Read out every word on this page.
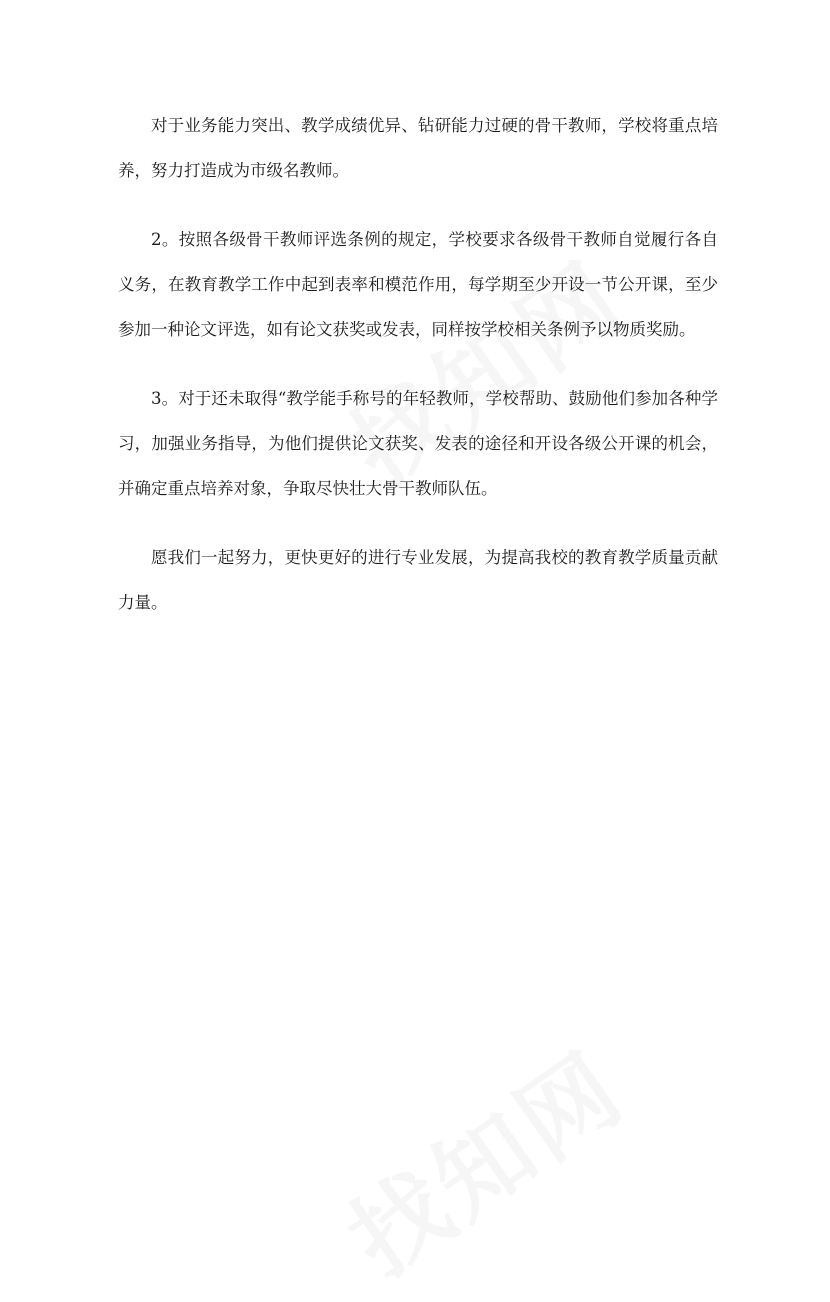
对于业务能力突出、教学成绩优异、钻研能力过硬的骨干教师，学校将重点培养，努力打造成为市级名教师。

2。按照各级骨干教师评选条例的规定，学校要求各级骨干教师自觉履行各自义务，在教育教学工作中起到表率和模范作用，每学期至少开设一节公开课，至少参加一种论文评选，如有论文获奖或发表，同样按学校相关条例予以物质奖励。

3。对于还未取得“教学能手称号的年轻教师，学校帮助、鼓励他们参加各种学习，加强业务指导，为他们提供论文获奖、发表的途径和开设各级公开课的机会，并确定重点培养对象，争取尽快壮大骨干教师队伍。

愿我们一起努力，更快更好的进行专业发展，为提高我校的教育教学质量贡献力量。
